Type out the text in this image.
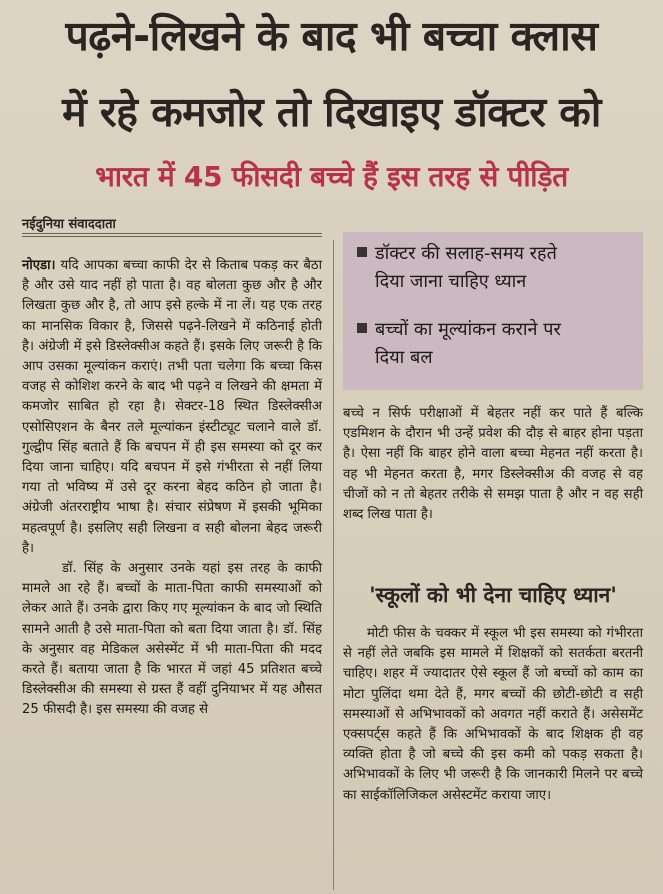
पढ़ने-लिखने के बाद भी बच्चा क्लास
में रहे कमजोर तो दिखाइए डॉक्टर को
भारत में 45 फीसदी बच्चे हैं इस तरह से पीड़ित
नईदुनिया संवाददाता

नोएडा। यदि आपका बच्चा काफी देर से किताब पकड़ कर बैठा है और उसे याद नहीं हो पाता है। वह बोलता कुछ और है और लिखता कुछ और है, तो आप इसे हल्के में ना लें। यह एक तरह का मानसिक विकार है, जिससे पढ़ने-लिखने में कठिनाई होती है। अंग्रेजी में इसे डिस्लेक्सीअ कहते हैं। इसके लिए जरूरी है कि आप उसका मूल्यांकन कराएं। तभी पता चलेगा कि बच्चा किस वजह से कोशिश करने के बाद भी पढ़ने व लिखने की क्षमता में कमजोर साबित हो रहा है। सेक्टर-18 स्थित डिस्लेक्सीअ एसोसिएशन के बैनर तले मूल्यांकन इंस्टीट्यूट चलाने वाले डॉ. गुल्द्वीप सिंह बताते हैं कि बचपन में ही इस समस्या को दूर कर दिया जाना चाहिए। यदि बचपन में इसे गंभीरता से नहीं लिया गया तो भविष्य में उसे दूर करना बेहद कठिन हो जाता है। अंग्रेजी अंतरराष्ट्रीय भाषा है। संचार संप्रेषण में इसकी भूमिका महत्वपूर्ण है। इसलिए सही लिखना व सही बोलना बेहद जरूरी है।

डॉ. सिंह के अनुसार उनके यहां इस तरह के काफी मामले आ रहे हैं। बच्चों के माता-पिता काफी समस्याओं को लेकर आते हैं। उनके द्वारा किए गए मूल्यांकन के बाद जो स्थिति सामने आती है उसे माता-पिता को बता दिया जाता है। डॉ. सिंह के अनुसार वह मेडिकल असेस्मेंट में भी माता-पिता की मदद करते हैं। बताया जाता है कि भारत में जहां 45 प्रतिशत बच्चे डिस्लेक्सीअ की समस्या से ग्रस्त हैं वहीं दुनियाभर में यह औसत 25 फीसदी है। इस समस्या की वजह से

डॉक्टर की सलाह-समय रहते
दिया जाना चाहिए ध्यान
बच्चों का मूल्यांकन कराने पर
दिया बल

बच्चे न सिर्फ परीक्षाओं में बेहतर नहीं कर पाते हैं बल्कि एडमिशन के दौरान भी उन्हें प्रवेश की दौड़ से बाहर होना पड़ता है। ऐसा नहीं कि बाहर होने वाला बच्चा मेहनत नहीं करता है। वह भी मेहनत करता है, मगर डिस्लेक्सीअ की वजह से वह चीजों को न तो बेहतर तरीके से समझ पाता है और न वह सही शब्द लिख पाता है।

'स्कूलों को भी देना चाहिए ध्यान'

मोटी फीस के चक्कर में स्कूल भी इस समस्या को गंभीरता से नहीं लेते जबकि इस मामले में शिक्षकों को सतर्कता बरतनी चाहिए। शहर में ज्यादातर ऐसे स्कूल हैं जो बच्चों को काम का मोटा पुलिंदा थमा देते हैं, मगर बच्चों की छोटी-छोटी व सही समस्याओं से अभिभावकों को अवगत नहीं कराते हैं। असेसमेंट एक्सपर्ट्स कहते हैं कि अभिभावकों के बाद शिक्षक ही वह व्यक्ति होता है जो बच्चे की इस कमी को पकड़ सकता है। अभिभावकों के लिए भी जरूरी है कि जानकारी मिलने पर बच्चे का साईकॉलिजिकल असेस्टमेंट कराया जाए।
